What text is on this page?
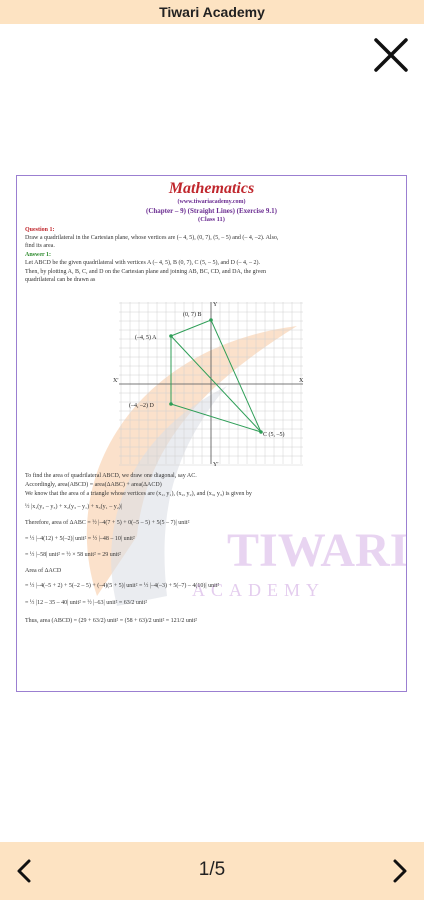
Tiwari Academy
TIWARI
ACADEMY
Mathematics
(www.tiwariacademy.com)
(Chapter – 9) (Straight Lines) (Exercise 9.1)
(Class 11)
Question 1:
Draw a quadrilateral in the Cartesian plane, whose vertices are (– 4, 5), (0, 7), (5, – 5) and (– 4, –2). Also,
find its area.
Answer 1:
Let ABCD be the given quadrilateral with vertices A (– 4, 5), B (0, 7), C (5, – 5), and D (– 4, – 2).
Then, by plotting A, B, C, and D on the Cartesian plane and joining AB, BC, CD, and DA, the given
quadrilateral can be drawn as
(–4, 5) A
(0, 7) B
C (5, –5)
(–4, –2) D
X
X'
Y
Y'
To find the area of quadrilateral ABCD, we draw one diagonal, say AC.
Accordingly, area(ABCD) = area(ΔABC) + area(ΔACD)
We know that the area of a triangle whose vertices are (x₁, y₁), (x₂, y₂), and (x₃, y₃) is given by
½ |x₁(y₂ – y₃) + x₂(y₃ – y₁) + x₃(y₁ – y₂)|
Therefore, area of ΔABC = ½ |–4(7 + 5) + 0(–5 – 5) + 5(5 – 7)| unit²
= ½ |–4(12) + 5(–2)| unit² = ½ |–48 – 10| unit²
= ½ |–58| unit² = ½ × 58 unit² = 29 unit²
Area of ΔACD
= ½ |–4(–5 + 2) + 5(–2 – 5) + (–4)(5 + 5)| unit² = ½ |–4(–3) + 5(–7) – 4(10)| unit²
= ½ |12 – 35 – 40| unit² = ½ |–63| unit² = 63/2 unit²
Thus, area (ABCD) = (29 + 63/2) unit² = (58 + 63)/2 unit² = 121/2 unit²
1/5
